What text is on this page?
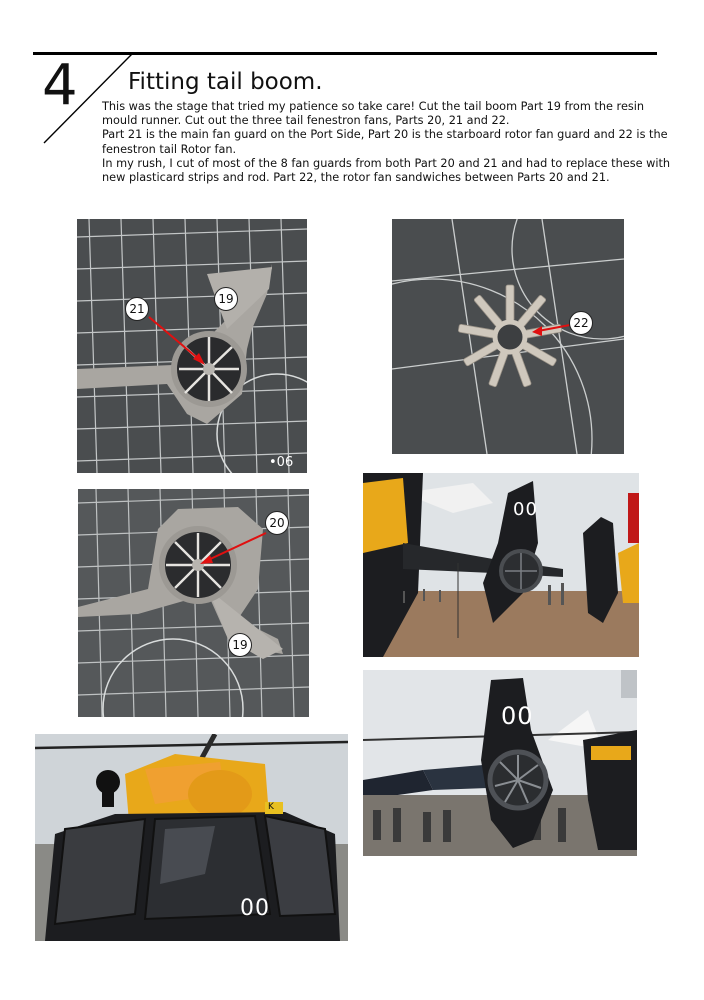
4 Fitting tail boom.

This was the stage that tried my patience so take care! Cut the tail boom Part 19 from the resin mould runner. Cut out the three tail fenestron fans, Parts 20, 21 and 22.

Part 21 is the main fan guard on the Port Side, Part 20 is the starboard rotor fan guard and 22 is the fenestron tail Rotor fan.

In my rush, I cut of most of the 8 fan guards from both Part 20 and 21 and had to replace these with new plasticard strips and rod. Part 22, the rotor fan sandwiches between Parts 20 and 21.

21
19
•06
22
20
19
00
00
00
K
